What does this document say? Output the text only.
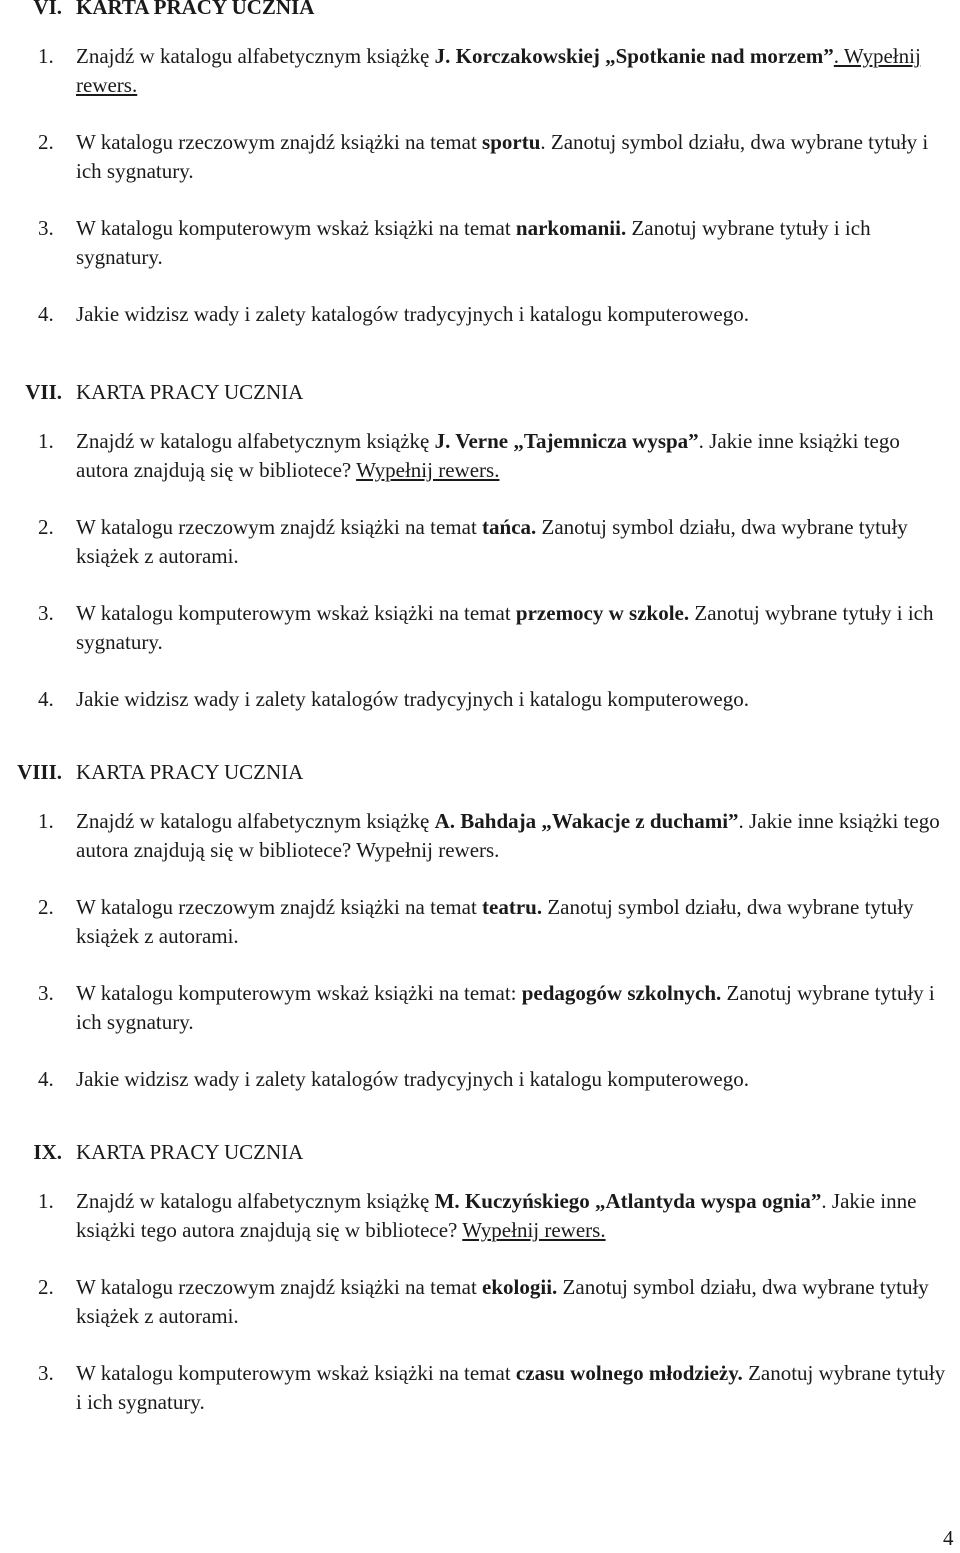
VI. KARTA PRACY UCZNIA
1. Znajdź w katalogu alfabetycznym książkę J. Korczakowskiej „Spotkanie nad morzem”. Wypełnij rewers.
2. W katalogu rzeczowym znajdź książki na temat sportu. Zanotuj symbol działu, dwa wybrane tytuły i ich sygnatury.
3. W katalogu komputerowym wskaż książki na temat narkomanii. Zanotuj wybrane tytuły i ich sygnatury.
4. Jakie widzisz wady i zalety katalogów tradycyjnych i katalogu komputerowego.
VII. KARTA PRACY UCZNIA
1. Znajdź w katalogu alfabetycznym książkę J. Verne „Tajemnicza wyspa”. Jakie inne książki tego autora znajdują się w bibliotece? Wypełnij rewers.
2. W katalogu rzeczowym znajdź książki na temat tańca. Zanotuj symbol działu, dwa wybrane tytuły książek z autorami.
3. W katalogu komputerowym wskaż książki na temat przemocy w szkole. Zanotuj wybrane tytuły i ich sygnatury.
4. Jakie widzisz wady i zalety katalogów tradycyjnych i katalogu komputerowego.
VIII. KARTA PRACY UCZNIA
1. Znajdź w katalogu alfabetycznym książkę A. Bahdaja „Wakacje z duchami”. Jakie inne książki tego autora znajdują się w bibliotece? Wypełnij rewers.
2. W katalogu rzeczowym znajdź książki na temat teatru. Zanotuj symbol działu, dwa wybrane tytuły książek z autorami.
3. W katalogu komputerowym wskaż książki na temat: pedagogów szkolnych. Zanotuj wybrane tytuły i ich sygnatury.
4. Jakie widzisz wady i zalety katalogów tradycyjnych i katalogu komputerowego.
IX. KARTA PRACY UCZNIA
1. Znajdź w katalogu alfabetycznym książkę M. Kuczyńskiego „Atlantyda wyspa ognia”. Jakie inne książki tego autora znajdują się w bibliotece? Wypełnij rewers.
2. W katalogu rzeczowym znajdź książki na temat ekologii. Zanotuj symbol działu, dwa wybrane tytuły książek z autorami.
3. W katalogu komputerowym wskaż książki na temat czasu wolnego młodzieży. Zanotuj wybrane tytuły i ich sygnatury.
4
